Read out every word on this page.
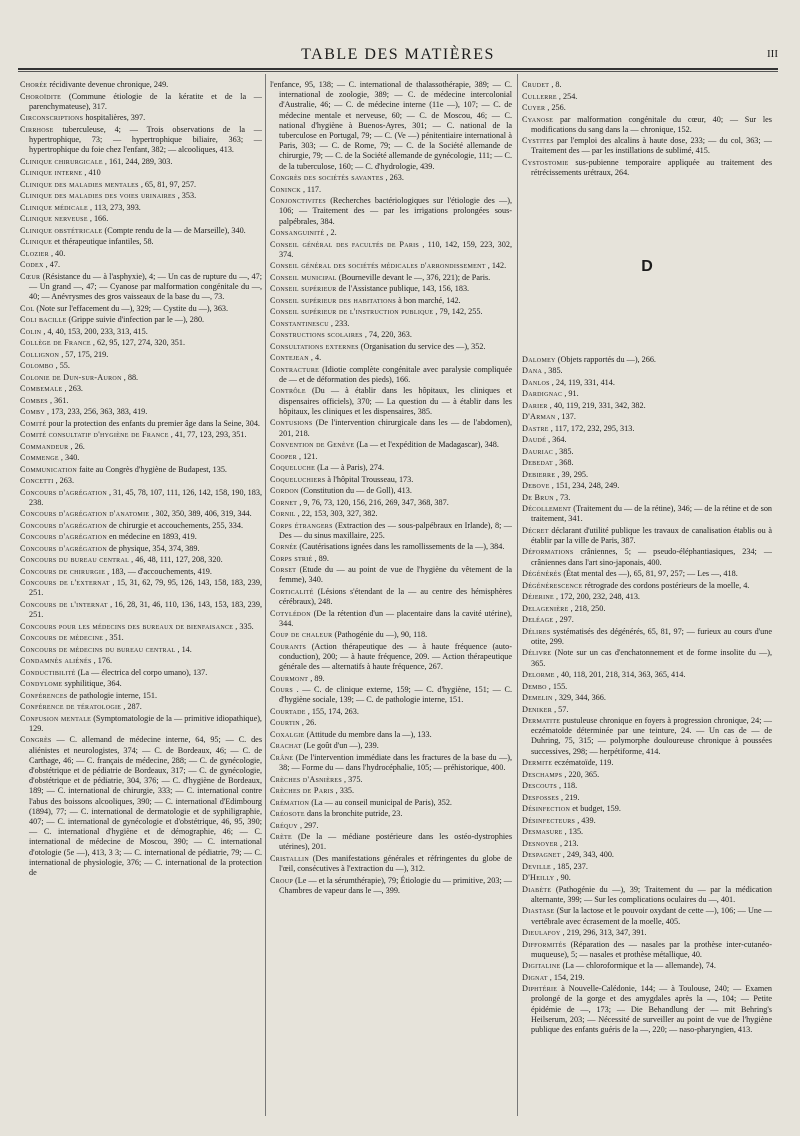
TABLE DES MATIÈRES	III

Chorée récidivante devenue chronique, 249.

Choroïdite (Commune étiologie de la kératite et de la — parenchymateuse), 317.

Circonscriptions hospitalières, 397.

Cirrhose tuberculeuse, 4; — Trois observations de la — hypertrophique, 73; — hypertrophique biliaire, 363; — hypertrophique du foie chez l'enfant, 382; — alcooliques, 413.

Clinique chirurgicale , 161, 244, 289, 303.

Clinique interne , 410

Clinique des maladies mentales , 65, 81, 97, 257.

Clinique des maladies des voies urinaires , 353.

Clinique médicale , 113, 273, 393.

Clinique nerveuse , 166.

Clinique obstétricale (Compte rendu de la — de Marseille), 340.

Clinique et thérapeutique infantiles, 58.

Clozier , 40.

Codex , 47.

Cœur (Résistance du — à l'asphyxie), 4; — Un cas de rupture du —, 47; — Un grand —, 47; — Cyanose par malformation congénitale du —, 40; — Anévrysmes des gros vaisseaux de la base du —, 73.

Col (Note sur l'effacement du —), 329; — Cystite du —), 363.

Coli bacille (Grippe suivie d'infection par le —), 280.

Colin , 4, 40, 153, 200, 233, 313, 415.

Collège de France , 62, 95, 127, 274, 320, 351.

Collignon , 57, 175, 219.

Colombo , 55.

Colonie de Dun-sur-Auron , 88.

Combemale , 263.

Combes , 361.

Comby , 173, 233, 256, 363, 383, 419.

Comité pour la protection des enfants du premier âge dans la Seine, 304.

Comité consultatif d'hygiène de France , 41, 77, 123, 293, 351.

Commandeur , 26.

Commenge , 340.

Communication faite au Congrès d'hygiène de Budapest, 135.

Concetti , 263.

Concours d'agrégation , 31, 45, 78, 107, 111, 126, 142, 158, 190, 183, 238.

Concours d'agrégation d'anatomie , 302, 350, 389, 406, 319, 344.

Concours d'agrégation de chirurgie et accouchements, 255, 334.

Concours d'agrégation en médecine en 1893, 419.

Concours d'agrégation de physique, 354, 374, 389.

Concours du bureau central , 46, 48, 111, 127, 208, 320.

Concours de chirurgie , 183, — d'accouchements, 419.

Concours de l'externat , 15, 31, 62, 79, 95, 126, 143, 158, 183, 239, 251.

Concours de l'internat , 16, 28, 31, 46, 110, 136, 143, 153, 183, 239, 251.

Concours pour les médecins des bureaux de bienfaisance , 335.

Concours de médecine , 351.

Concours de médecins du bureau central , 14.

Condamnés aliénés , 176.

Conductibilité (La — électrica del corpo umano), 137.

Condylome syphilitique, 364.

Conférences de pathologie interne, 151.

Conférence de tératologie , 287.

Confusion mentale (Symptomatologie de la — primitive idiopathique), 129.

Congrès — C. allemand de médecine interne, 64, 95; — C. des aliénistes et neurologistes, 374; — C. de Bordeaux, 46; — C. de Carthage, 46; — C. français de médecine, 288; — C. de gynécologie, d'obstétrique et de pédiatrie de Bordeaux, 317; — C. de gynécologie, d'obstétrique et de pédiatrie, 304, 376; — C. d'hygiène de Bordeaux, 189; — C. international de chirurgie, 333; — C. international contre l'abus des boissons alcooliques, 390; — C. international d'Edimbourg (1894), 77; — C. international de dermatologie et de syphiligraphie, 407; — C. international de gynécologie et d'obstétrique, 46, 95, 390; — C. international d'hygiène et de démographie, 46; — C. international de médecine de Moscou, 390; — C. international d'otologie (5e —), 413, 3 3; — C. international de pédiatrie, 79; — C. international de physiologie, 376; — C. international de la protection de

l'enfance, 95, 138; — C. international de thalassothérapie, 389; — C. international de zoologie, 389; — C. de médecine intercolonial d'Australie, 46; — C. de médecine interne (11e —), 107; — C. de médecine mentale et nerveuse, 60; — C. de Moscou, 46; — C. national d'hygiène à Buenos-Ayres, 301; — C. national de la tuberculose en Portugal, 79; — C. (Ve —) pénitentiaire international à Paris, 303; — C. de Rome, 79; — C. de la Société allemande de chirurgie, 79; — C. de la Société allemande de gynécologie, 111; — C. de la tuberculose, 160; — C. d'hydrologie, 439.

Congrès des sociétés savantes , 263.

Coninck , 117.

Conjonctivites (Recherches bactériologiques sur l'étiologie des —), 106; — Traitement des — par les irrigations prolongées sous-palpébrales, 384.

Consanguinité , 2.

Conseil général des facultés de Paris , 110, 142, 159, 223, 302, 374.

Conseil général des sociétés médicales d'arrondissement , 142.

Conseil municipal (Bourneville devant le —, 376, 221); de Paris.

Conseil supérieur de l'Assistance publique, 143, 156, 183.

Conseil supérieur des habitations à bon marché, 142.

Conseil supérieur de l'instruction publique , 79, 142, 255.

Constantinescu , 233.

Constructions scolaires , 74, 220, 363.

Consultations externes (Organisation du service des —), 352.

Contejean , 4.

Contracture (Idiotie complète congénitale avec paralysie compliquée de — et de déformation des pieds), 166.

Contrôle (Du — à établir dans les hôpitaux, les cliniques et dispensaires officiels), 370; — La question du — à établir dans les hôpitaux, les cliniques et les dispensaires, 385.

Contusions (De l'intervention chirurgicale dans les — de l'abdomen), 201, 218.

Convention de Genève (La — et l'expédition de Madagascar), 348.

Cooper , 121.

Coqueluche (La — à Paris), 274.

Coqueluchiers à l'hôpital Trousseau, 173.

Cordon (Constitution du — de Goll), 413.

Cornet , 9, 76, 73, 120, 156, 216, 269, 347, 368, 387.

Cornil , 22, 153, 303, 327, 382.

Corps étrangers (Extraction des — sous-palpébraux en Irlande), 8; — Des — du sinus maxillaire, 225.

Cornée (Cautérisations ignées dans les ramollissements de la —), 384.

Corps strié , 89.

Corset (Etude du — au point de vue de l'hygiène du vêtement de la femme), 340.

Corticalité (Lésions s'étendant de la — au centre des hémisphères cérébraux), 248.

Cotylédon (De la rétention d'un — placentaire dans la cavité utérine), 344.

Coup de chaleur (Pathogénie du —), 90, 118.

Courants (Action thérapeutique des — à haute fréquence (auto-conduction), 200; — à haute fréquence, 209. — Action thérapeutique générale des — alternatifs à haute fréquence, 267.

Courmont , 89.

Cours . — C. de clinique externe, 159; — C. d'hygiène, 151; — C. d'hygiène sociale, 139; — C. de pathologie interne, 151.

Courtade , 155, 174, 263.

Courtin , 26.

Coxalgie (Attitude du membre dans la —), 133.

Crachat (Le goût d'un —), 239.

Crâne (De l'intervention immédiate dans les fractures de la base du —), 38; — Forme du — dans l'hydrocéphalie, 105; — préhistorique, 400.

Crèches d'Asnières , 375.

Crèches de Paris , 335.

Crémation (La — au conseil municipal de Paris), 352.

Créosote dans la bronchite putride, 23.

Créquy , 297.

Crète (De la — médiane postérieure dans les ostéo-dystrophies utérines), 201.

Cristallin (Des manifestations générales et réfringentes du globe de l'œil, consécutives à l'extraction du —), 312.

Croup (Le — et la sérumthérapie), 79; Étiologie du — primitive, 203; — Chambres de vapeur dans le —, 399.

Crudet , 8.

Cullerre , 254.

Cuyer , 256.

Cyanose par malformation congénitale du cœur, 40; — Sur les modifications du sang dans la — chronique, 152.

Cystites par l'emploi des alcalins à haute dose, 233; — du col, 363; — Traitement des — par les instillations de sublimé, 415.

Cystostomie sus-pubienne temporaire appliquée au traitement des rétrécissements urétraux, 264.

D

Dalomey (Objets rapportés du —), 266.

Dana , 385.

Danlos , 24, 119, 331, 414.

Dardignac , 91.

Darier , 40, 119, 219, 331, 342, 382.

D'Arman , 137.

Dastre , 117, 172, 232, 295, 313.

Daudé , 364.

Dauriac , 385.

Debedat , 368.

Debierre , 39, 295.

Debove , 151, 234, 248, 249.

De Brun , 73.

Décollement (Traitement du — de la rétine), 346; — de la rétine et de son traitement, 341.

Décret déclarant d'utilité publique les travaux de canalisation établis ou à établir par la ville de Paris, 387.

Déformations crâniennes, 5; — pseudo-éléphantiasiques, 234; — crâniennes dans l'art sino-japonais, 400.

Dégénérés (État mental des —), 65, 81, 97, 257; — Les —, 418.

Dégénérescence rétrograde des cordons postérieurs de la moelle, 4.

Déjerine , 172, 200, 232, 248, 413.

Delagenière , 218, 250.

Deléage , 297.

Délires systématisés des dégénérés, 65, 81, 97; — furieux au cours d'une otite, 299.

Délivre (Note sur un cas d'enchatonnement et de forme insolite du —), 365.

Delorme , 40, 118, 201, 218, 314, 363, 365, 414.

Dembo , 155.

Demelin , 329, 344, 366.

Deniker , 57.

Dermatite pustuleuse chronique en foyers à progression chronique, 24; — eczématoïde déterminée par une teinture, 24. — Un cas de — de Duhring, 75, 315; — polymorphe douloureuse chronique à poussées successives, 298; — herpétiforme, 414.

Dermite eczématoïde, 119.

Deschamps , 220, 365.

Descouts , 118.

Desfosses , 219.

Désinfection et budget, 159.

Désinfecteurs , 439.

Desmasure , 135.

Desnoyer , 213.

Despagnet , 249, 343, 400.

Deville , 185, 237.

D'Heilly , 90.

Diabète (Pathogénie du —), 39; Traitement du — par la médication alternante, 399; — Sur les complications oculaires du —, 401.

Diastase (Sur la lactose et le pouvoir oxydant de cette —), 106; — Une — vertébrale avec écrasement de la moelle, 405.

Dieulafoy , 219, 296, 313, 347, 391.

Difformités (Réparation des — nasales par la prothèse inter-cutanéo-muqueuse), 5; — nasales et prothèse métallique, 40.

Digitaline (La — chloroformique et la — allemande), 74.

Dignat , 154, 219.

Diphtérie à Nouvelle-Calédonie, 144; — à Toulouse, 240; — Examen prolongé de la gorge et des amygdales après la —, 104; — Petite épidémie de —, 173; — Die Behandlung der — mit Behring's Heilserum, 203; — Nécessité de surveiller au point de vue de l'hygiène publique des enfants guéris de la —, 220; — naso-pharyngien, 413.
